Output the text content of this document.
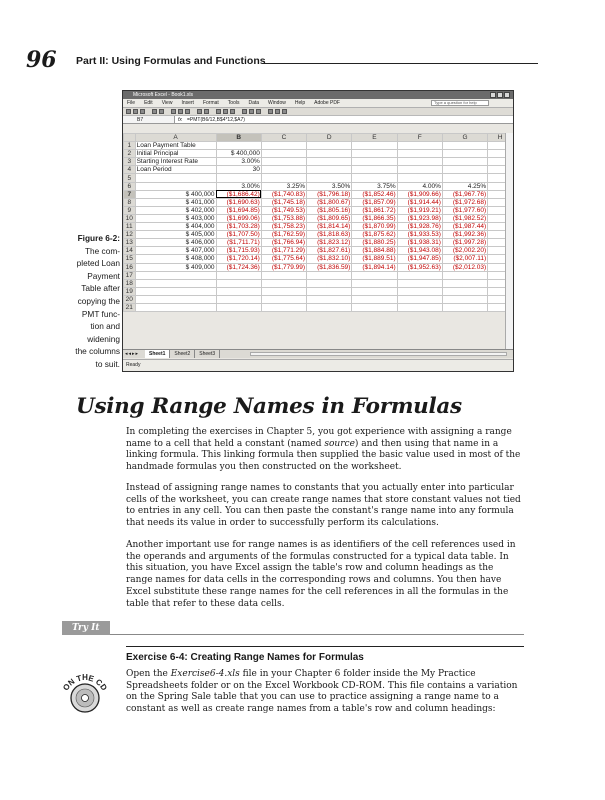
96 Part II: Using Formulas and Functions
Microsoft Excel - Book1.xls
File Edit View Insert Format Tools Data Window Help Adobe PDF	Type a question for help
B7	fx	=PMT(B6/12,B$4*12,$A7)
	A	B	C	D	E	F	G	H
1	Loan Payment Table							
2	Initial Principal	$ 400,000						
3	Starting Interest Rate	3.00%						
4	Loan Period	30						
5								
6		3.00%	3.25%	3.50%	3.75%	4.00%	4.25%	
7	$ 400,000	($1,686.42)	($1,740.83)	($1,796.18)	($1,852.46)	($1,909.66)	($1,967.76)	
8	$ 401,000	($1,690.63)	($1,745.18)	($1,800.67)	($1,857.09)	($1,914.44)	($1,972.68)	
9	$ 402,000	($1,694.85)	($1,749.53)	($1,805.16)	($1,861.72)	($1,919.21)	($1,977.60)	
10	$ 403,000	($1,699.06)	($1,753.88)	($1,809.65)	($1,866.35)	($1,923.98)	($1,982.52)	
11	$ 404,000	($1,703.28)	($1,758.23)	($1,814.14)	($1,870.99)	($1,928.76)	($1,987.44)	
12	$ 405,000	($1,707.50)	($1,762.59)	($1,818.63)	($1,875.62)	($1,933.53)	($1,992.36)	
13	$ 406,000	($1,711.71)	($1,766.94)	($1,823.12)	($1,880.25)	($1,938.31)	($1,997.28)	
14	$ 407,000	($1,715.93)	($1,771.29)	($1,827.61)	($1,884.88)	($1,943.08)	($2,002.20)	
15	$ 408,000	($1,720.14)	($1,775.64)	($1,832.10)	($1,889.51)	($1,947.85)	($2,007.11)	
16	$ 409,000	($1,724.36)	($1,779.99)	($1,836.59)	($1,894.14)	($1,952.63)	($2,012.03)	
17								
18								
19								
20								
21								
◂◂▸▸	Sheet1	Sheet2	Sheet3
Ready
Figure 6-2:
The com-
pleted Loan
Payment
Table after
copying the
PMT func-
tion and
widening
the columns
to suit.
Using Range Names in Formulas

In completing the exercises in Chapter 5, you got experience with assigning a range name to a cell that held a constant (named source) and then using that name in a linking formula. This linking formula then supplied the basic value used in most of the handmade formulas you then constructed on the worksheet.

Instead of assigning range names to constants that you actually enter into particular cells of the worksheet, you can create range names that store constant values not tied to entries in any cell. You can then paste the constant's range name into any formula that needs its value in order to successfully perform its calculations.

Another important use for range names is as identifiers of the cell references used in the operands and arguments of the formulas constructed for a typical data table. In this situation, you have Excel assign the table's row and column headings as the range names for data cells in the corresponding rows and columns. You then have Excel substitute these range names for the cell references in all the formulas in the table that refer to these data cells.

Try It
Exercise 6-4: Creating Range Names for Formulas
ON THE CD

Open the Exercise6-4.xls file in your Chapter 6 folder inside the My Practice Spreadsheets folder or on the Excel Workbook CD-ROM. This file contains a variation on the Spring Sale table that you can use to practice assigning a range name to a constant as well as create range names from a table's row and column headings:
